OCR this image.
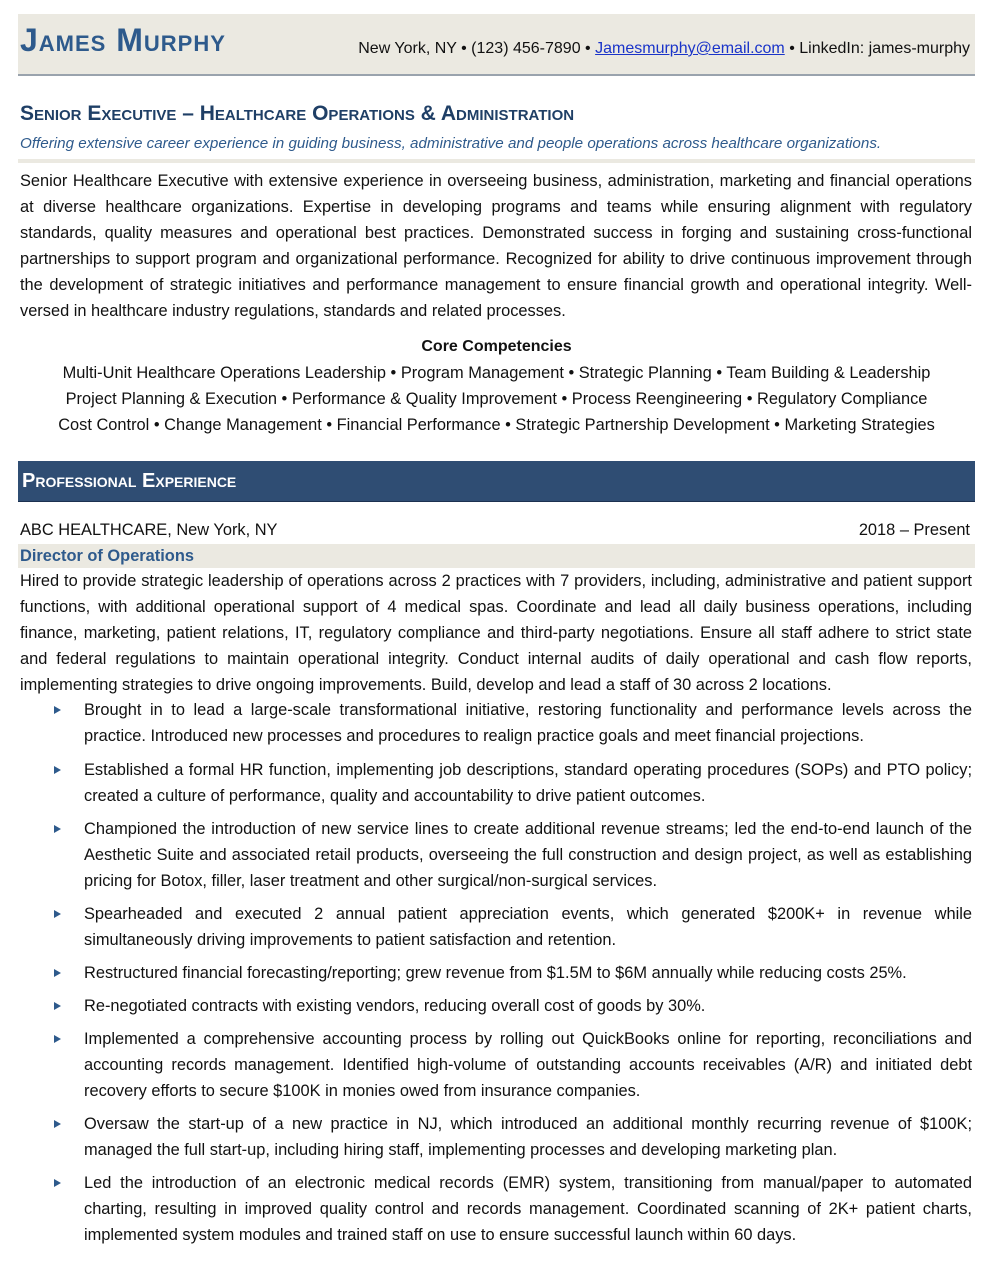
James Murphy	New York, NY • (123) 456-7890 • Jamesmurphy@email.com • LinkedIn: james-murphy
Senior Executive – Healthcare Operations & Administration

Offering extensive career experience in guiding business, administrative and people operations across healthcare organizations.

Senior Healthcare Executive with extensive experience in overseeing business, administration, marketing and financial operations at diverse healthcare organizations. Expertise in developing programs and teams while ensuring alignment with regulatory standards, quality measures and operational best practices. Demonstrated success in forging and sustaining cross-functional partnerships to support program and organizational performance. Recognized for ability to drive continuous improvement through the development of strategic initiatives and performance management to ensure financial growth and operational integrity. Well-versed in healthcare industry regulations, standards and related processes.

Core Competencies
Multi-Unit Healthcare Operations Leadership • Program Management • Strategic Planning • Team Building & Leadership
Project Planning & Execution • Performance & Quality Improvement • Process Reengineering • Regulatory Compliance
Cost Control • Change Management • Financial Performance • Strategic Partnership Development • Marketing Strategies
Professional Experience
ABC HEALTHCARE, New York, NY	2018 – Present
Director of Operations

Hired to provide strategic leadership of operations across 2 practices with 7 providers, including, administrative and patient support functions, with additional operational support of 4 medical spas. Coordinate and lead all daily business operations, including finance, marketing, patient relations, IT, regulatory compliance and third-party negotiations. Ensure all staff adhere to strict state and federal regulations to maintain operational integrity. Conduct internal audits of daily operational and cash flow reports, implementing strategies to drive ongoing improvements. Build, develop and lead a staff of 30 across 2 locations.

Brought in to lead a large-scale transformational initiative, restoring functionality and performance levels across the practice. Introduced new processes and procedures to realign practice goals and meet financial projections.
Established a formal HR function, implementing job descriptions, standard operating procedures (SOPs) and PTO policy; created a culture of performance, quality and accountability to drive patient outcomes.
Championed the introduction of new service lines to create additional revenue streams; led the end-to-end launch of the Aesthetic Suite and associated retail products, overseeing the full construction and design project, as well as establishing pricing for Botox, filler, laser treatment and other surgical/non-surgical services.
Spearheaded and executed 2 annual patient appreciation events, which generated $200K+ in revenue while simultaneously driving improvements to patient satisfaction and retention.
Restructured financial forecasting/reporting; grew revenue from $1.5M to $6M annually while reducing costs 25%.
Re-negotiated contracts with existing vendors, reducing overall cost of goods by 30%.
Implemented a comprehensive accounting process by rolling out QuickBooks online for reporting, reconciliations and accounting records management. Identified high-volume of outstanding accounts receivables (A/R) and initiated debt recovery efforts to secure $100K in monies owed from insurance companies.
Oversaw the start-up of a new practice in NJ, which introduced an additional monthly recurring revenue of $100K; managed the full start-up, including hiring staff, implementing processes and developing marketing plan.
Led the introduction of an electronic medical records (EMR) system, transitioning from manual/paper to automated charting, resulting in improved quality control and records management. Coordinated scanning of 2K+ patient charts, implemented system modules and trained staff on use to ensure successful launch within 60 days.
